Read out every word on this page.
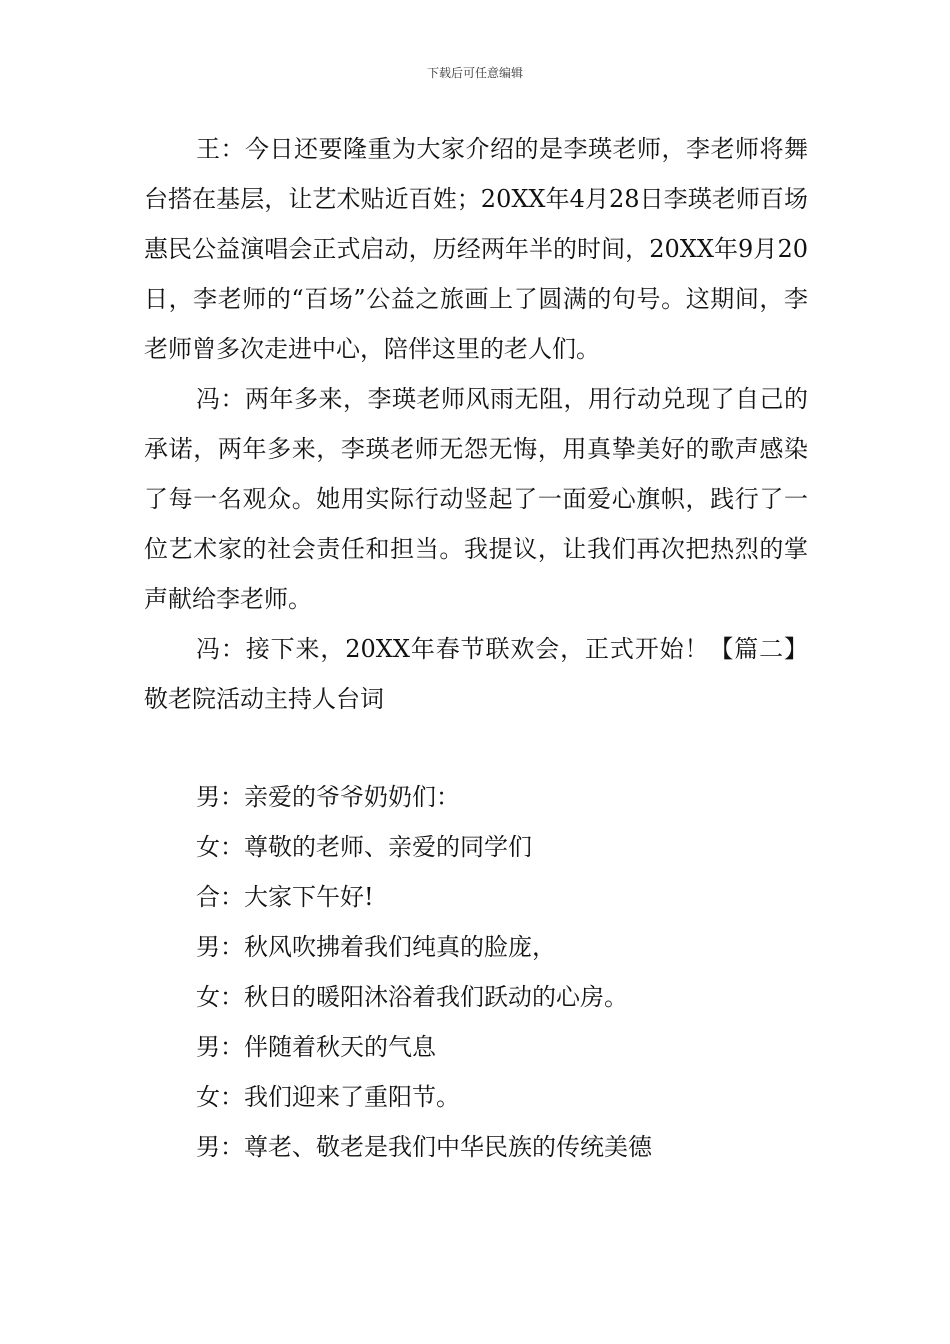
下载后可任意编辑

王：今日还要隆重为大家介绍的是李瑛老师，李老师将舞台搭在基层，让艺术贴近百姓；20XX年4月28日李瑛老师百场惠民公益演唱会正式启动，历经两年半的时间，20XX年9月20日，李老师的“百场”公益之旅画上了圆满的句号。这期间，李老师曾多次走进中心，陪伴这里的老人们。

冯：两年多来，李瑛老师风雨无阻，用行动兑现了自己的承诺，两年多来，李瑛老师无怨无悔，用真挚美好的歌声感染了每一名观众。她用实际行动竖起了一面爱心旗帜，践行了一位艺术家的社会责任和担当。我提议，让我们再次把热烈的掌声献给李老师。

冯：接下来，20XX年春节联欢会，正式开始！【篇二】敬老院活动主持人台词

男：亲爱的爷爷奶奶们：

女：尊敬的老师、亲爱的同学们

合：大家下午好!

男：秋风吹拂着我们纯真的脸庞，

女：秋日的暖阳沐浴着我们跃动的心房。

男：伴随着秋天的气息

女：我们迎来了重阳节。

男：尊老、敬老是我们中华民族的传统美德
